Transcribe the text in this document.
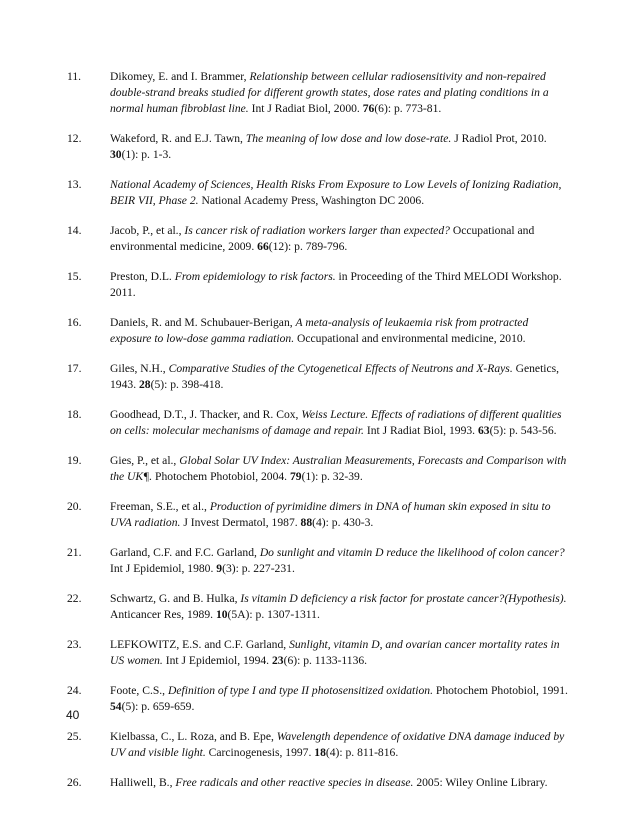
11.	Dikomey, E. and I. Brammer, Relationship between cellular radiosensitivity and non-repaired double-strand breaks studied for different growth states, dose rates and plating conditions in a normal human fibroblast line. Int J Radiat Biol, 2000. 76(6): p. 773-81.
12.	Wakeford, R. and E.J. Tawn, The meaning of low dose and low dose-rate. J Radiol Prot, 2010. 30(1): p. 1-3.
13.	National Academy of Sciences, Health Risks From Exposure to Low Levels of Ionizing Radiation, BEIR VII, Phase 2. National Academy Press, Washington DC 2006.
14.	Jacob, P., et al., Is cancer risk of radiation workers larger than expected? Occupational and environmental medicine, 2009. 66(12): p. 789-796.
15.	Preston, D.L. From epidemiology to risk factors. in Proceeding of the Third MELODI Workshop. 2011.
16.	Daniels, R. and M. Schubauer-Berigan, A meta-analysis of leukaemia risk from protracted exposure to low-dose gamma radiation. Occupational and environmental medicine, 2010.
17.	Giles, N.H., Comparative Studies of the Cytogenetical Effects of Neutrons and X-Rays. Genetics, 1943. 28(5): p. 398-418.
18.	Goodhead, D.T., J. Thacker, and R. Cox, Weiss Lecture. Effects of radiations of different qualities on cells: molecular mechanisms of damage and repair. Int J Radiat Biol, 1993. 63(5): p. 543-56.
19.	Gies, P., et al., Global Solar UV Index: Australian Measurements, Forecasts and Comparison with the UK¶. Photochem Photobiol, 2004. 79(1): p. 32-39.
20.	Freeman, S.E., et al., Production of pyrimidine dimers in DNA of human skin exposed in situ to UVA radiation. J Invest Dermatol, 1987. 88(4): p. 430-3.
21.	Garland, C.F. and F.C. Garland, Do sunlight and vitamin D reduce the likelihood of colon cancer? Int J Epidemiol, 1980. 9(3): p. 227-231.
22.	Schwartz, G. and B. Hulka, Is vitamin D deficiency a risk factor for prostate cancer?(Hypothesis). Anticancer Res, 1989. 10(5A): p. 1307-1311.
23.	LEFKOWITZ, E.S. and C.F. Garland, Sunlight, vitamin D, and ovarian cancer mortality rates in US women. Int J Epidemiol, 1994. 23(6): p. 1133-1136.
24.	Foote, C.S., Definition of type I and type II photosensitized oxidation. Photochem Photobiol, 1991. 54(5): p. 659-659.
25.	Kielbassa, C., L. Roza, and B. Epe, Wavelength dependence of oxidative DNA damage induced by UV and visible light. Carcinogenesis, 1997. 18(4): p. 811-816.
26.	Halliwell, B., Free radicals and other reactive species in disease. 2005: Wiley Online Library.
40
